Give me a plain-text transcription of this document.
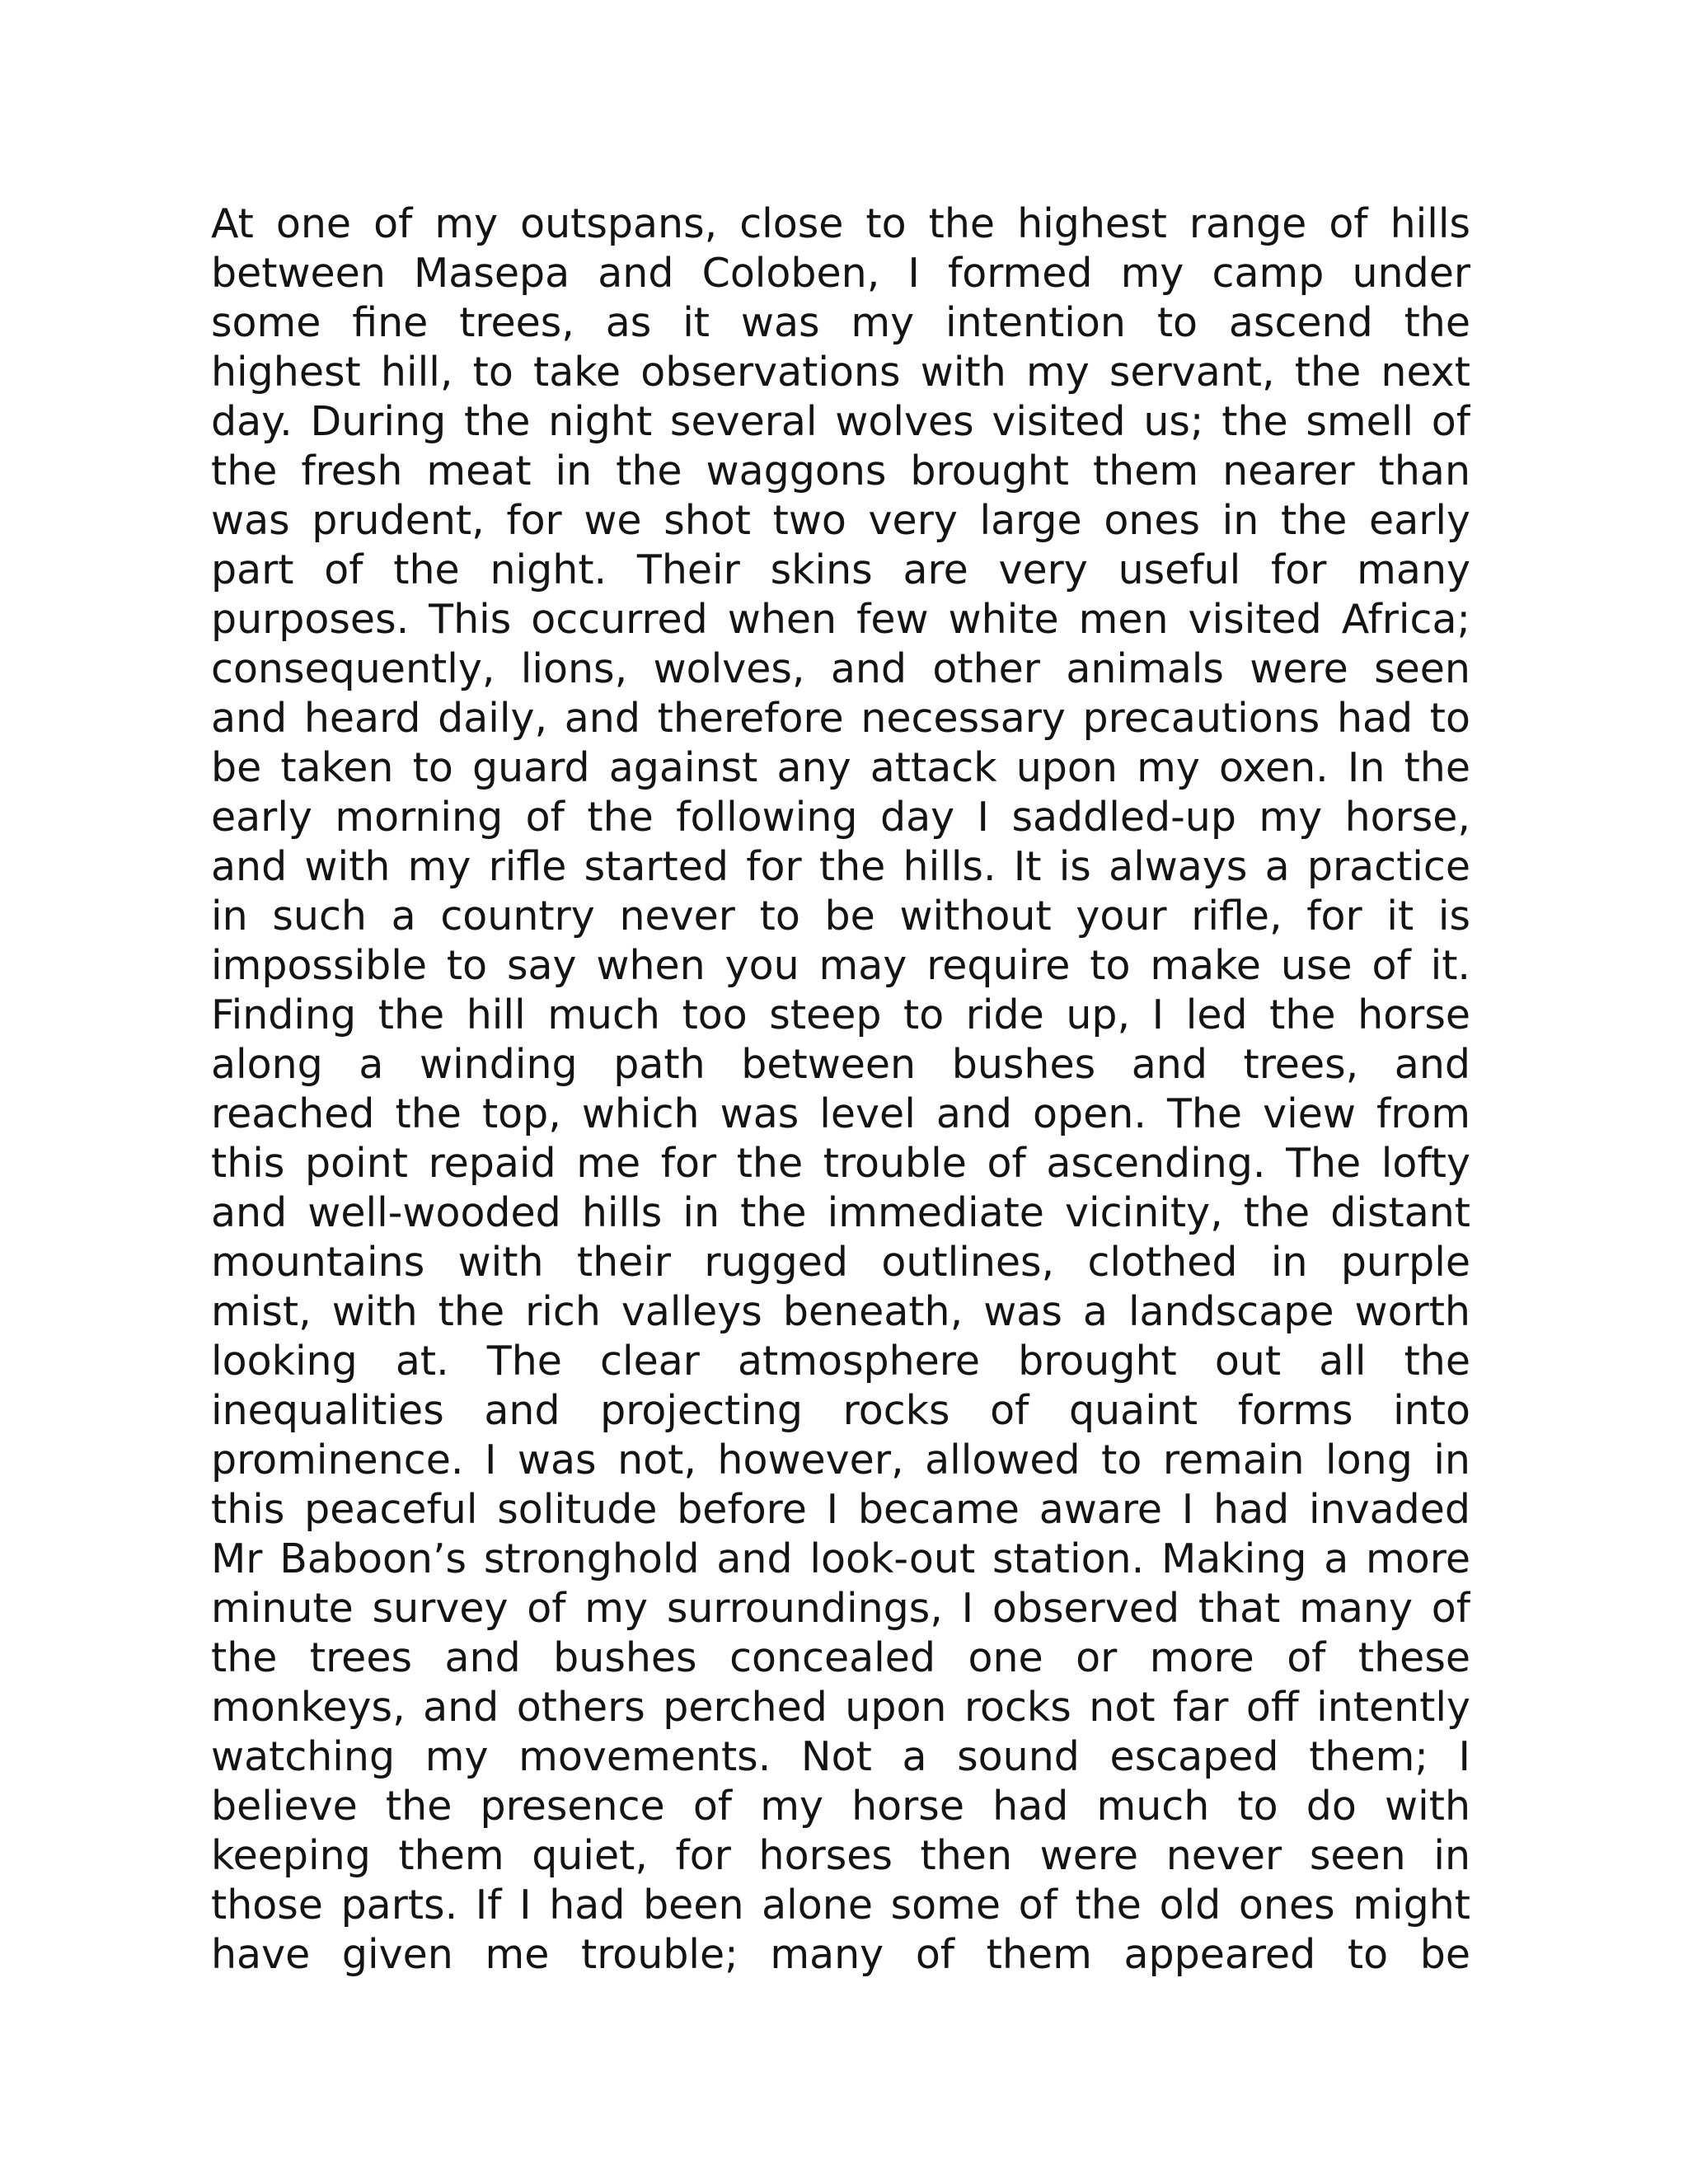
At one of my outspans, close to the highest range of hills
between Masepa and Coloben, I formed my camp under
some fine trees, as it was my intention to ascend the
highest hill, to take observations with my servant, the next
day. During the night several wolves visited us; the smell of
the fresh meat in the waggons brought them nearer than
was prudent, for we shot two very large ones in the early
part of the night. Their skins are very useful for many
purposes. This occurred when few white men visited Africa;
consequently, lions, wolves, and other animals were seen
and heard daily, and therefore necessary precautions had to
be taken to guard against any attack upon my oxen. In the
early morning of the following day I saddled-up my horse,
and with my rifle started for the hills. It is always a practice
in such a country never to be without your rifle, for it is
impossible to say when you may require to make use of it.
Finding the hill much too steep to ride up, I led the horse
along a winding path between bushes and trees, and
reached the top, which was level and open. The view from
this point repaid me for the trouble of ascending. The lofty
and well-wooded hills in the immediate vicinity, the distant
mountains with their rugged outlines, clothed in purple
mist, with the rich valleys beneath, was a landscape worth
looking at. The clear atmosphere brought out all the
inequalities and projecting rocks of quaint forms into
prominence. I was not, however, allowed to remain long in
this peaceful solitude before I became aware I had invaded
Mr Baboon’s stronghold and look-out station. Making a more
minute survey of my surroundings, I observed that many of
the trees and bushes concealed one or more of these
monkeys, and others perched upon rocks not far off intently
watching my movements. Not a sound escaped them; I
believe the presence of my horse had much to do with
keeping them quiet, for horses then were never seen in
those parts. If I had been alone some of the old ones might
have given me trouble; many of them appeared to be
